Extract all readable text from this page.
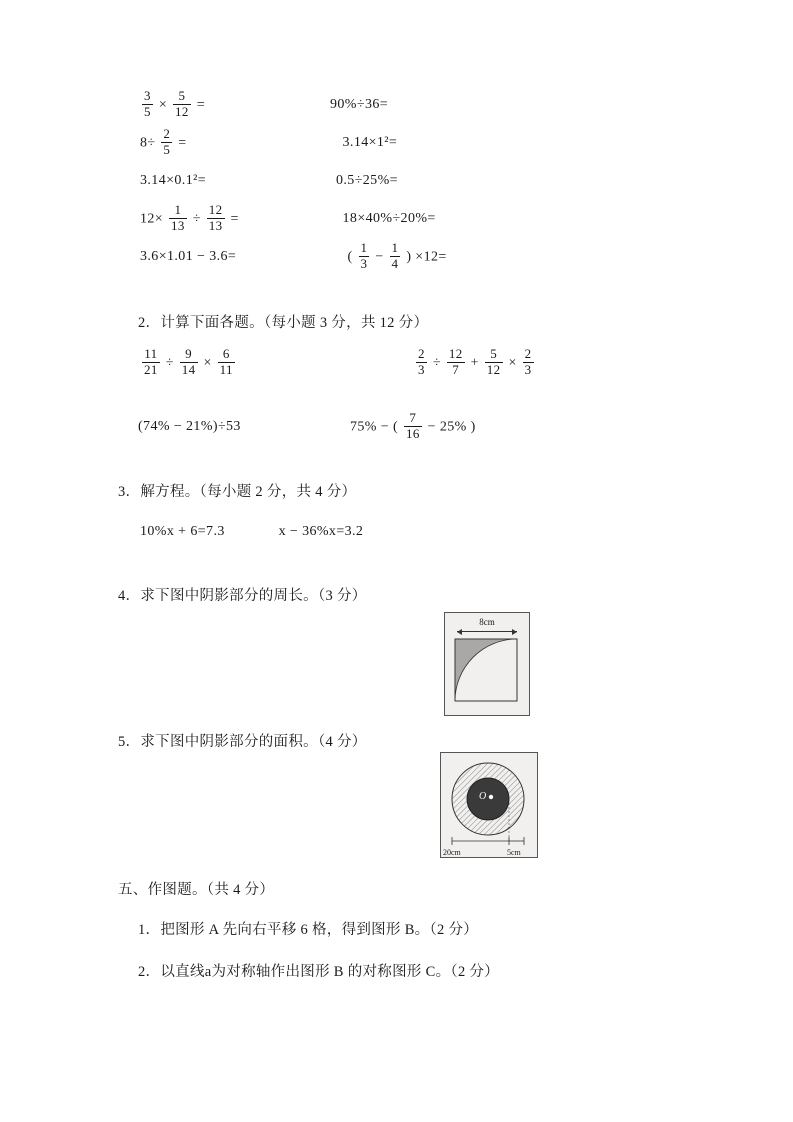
$\frac{3}{5} \times \frac{5}{12}$ =	90%÷36=
$8\div \frac{2}{5}$ =	3.14×1²=
3.14×0.1²=	0.5÷25%=
$12\times \frac{1}{13} \div \frac{12}{13}$ =	18×40%÷20%=
3.6×1.01 − 3.6=	( $\frac{1}{3} - \frac{1}{4}$ ) ×12=
2．计算下面各题。（每小题 3 分，共 12 分）
$\frac{11}{21} \div \frac{9}{14} \times \frac{6}{11}$	$\frac{2}{3} \div \frac{12}{7} + \frac{5}{12} \times \frac{2}{3}$
(74% − 21%)÷53	75% − ( $\frac{7}{16} - 25\%$ )
3．解方程。（每小题 2 分，共 4 分）
10%x + 6=7.3	x − 36%x=3.2
4．求下图中阴影部分的周长。（3 分）
8cm
5．求下图中阴影部分的面积。（4 分）
20cm	5cm
O
五、作图题。（共 4 分）
1．把图形 A 先向右平移 6 格，得到图形 B。（2 分）
2．以直线a为对称轴作出图形 B 的对称图形 C。（2 分）
